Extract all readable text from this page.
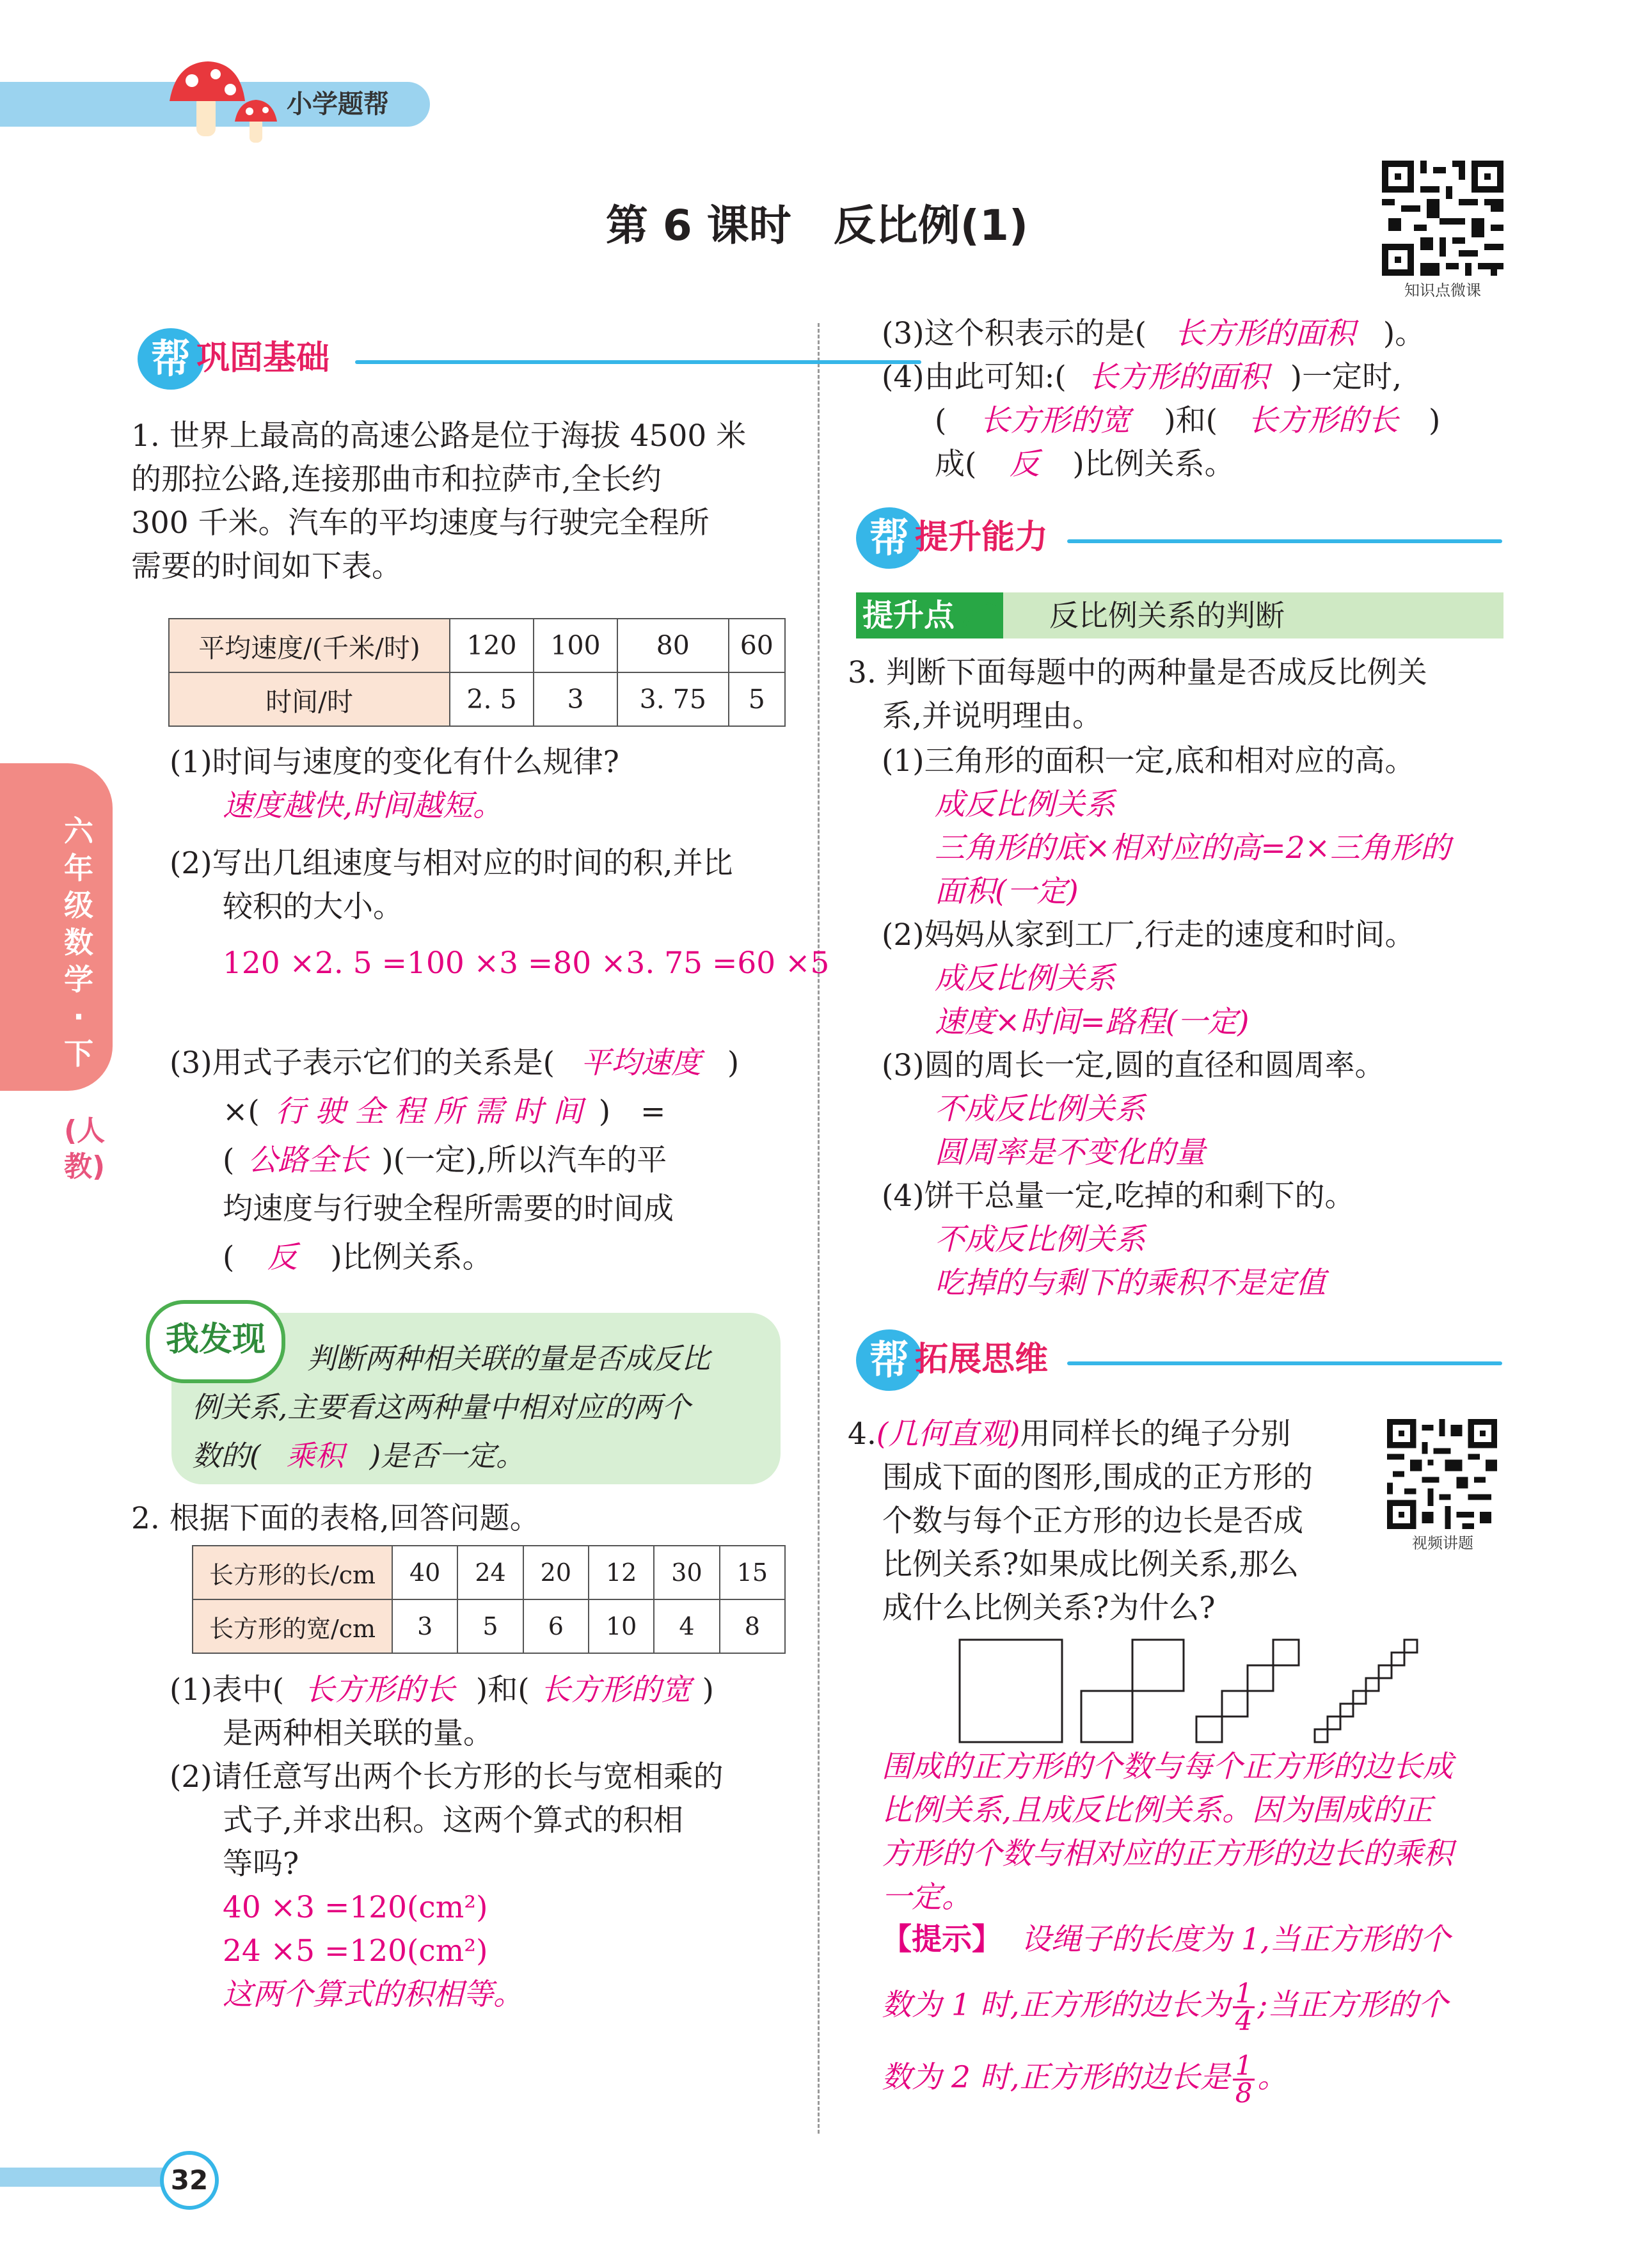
小学题帮
第 6 课时　反比例(1)
知识点微课
六年级数学·下
(人教)
帮 巩固基础
1. 世界上最高的高速公路是位于海拔 4500 米
的那拉公路,连接那曲市和拉萨市,全长约
300 千米。汽车的平均速度与行驶完全程所
需要的时间如下表。
平均速度/(千米/时)	120	100	80	60
时间/时	2. 5	3	3. 75	5
(1)时间与速度的变化有什么规律?
速度越快,时间越短。
(2)写出几组速度与相对应的时间的积,并比
较积的大小。
120 ×2. 5 =100 ×3 =80 ×3. 75 =60 ×5
(3)用式子表示它们的关系是( 平均速度 )
×( 行 驶 全 程 所 需 时 间 )　=
( 公路全长 )(一定),所以汽车的平
均速度与行驶全程所需要的时间成
( 反 )比例关系。
我发现	判断两种相关联的量是否成反比
例关系,主要看这两种量中相对应的两个
数的( 乘积 )是否一定。
2. 根据下面的表格,回答问题。
长方形的长/cm	40	24	20	12	30	15
长方形的宽/cm	3	5	6	10	4	8
(1)表中( 长方形的长 )和( 长方形的宽 )
是两种相关联的量。
(2)请任意写出两个长方形的长与宽相乘的
式子,并求出积。这两个算式的积相
等吗?
40 ×3 =120(cm²)
24 ×5 =120(cm²)
这两个算式的积相等。
(3)这个积表示的是( 长方形的面积 )。
(4)由此可知:( 长方形的面积 )一定时,
( 长方形的宽 )和( 长方形的长 )
成( 反 )比例关系。
帮 提升能力
提升点	反比例关系的判断
3. 判断下面每题中的两种量是否成反比例关
系,并说明理由。
(1)三角形的面积一定,底和相对应的高。
成反比例关系
三角形的底×相对应的高=2×三角形的
面积(一定)
(2)妈妈从家到工厂,行走的速度和时间。
成反比例关系
速度×时间=路程(一定)
(3)圆的周长一定,圆的直径和圆周率。
不成反比例关系
圆周率是不变化的量
(4)饼干总量一定,吃掉的和剩下的。
不成反比例关系
吃掉的与剩下的乘积不是定值
帮 拓展思维
4.(几何直观)用同样长的绳子分别
围成下面的图形,围成的正方形的
个数与每个正方形的边长是否成
比例关系?如果成比例关系,那么
成什么比例关系?为什么?
视频讲题
围成的正方形的个数与每个正方形的边长成
比例关系,且成反比例关系。因为围成的正
方形的个数与相对应的正方形的边长的乘积
一定。
【提示】 设绳子的长度为 1,当正方形的个
数为 1 时,正方形的边长为 $\frac{1}{4}$ ;当正方形的个
数为 2 时,正方形的边长是 $\frac{1}{8}$ 。
32
